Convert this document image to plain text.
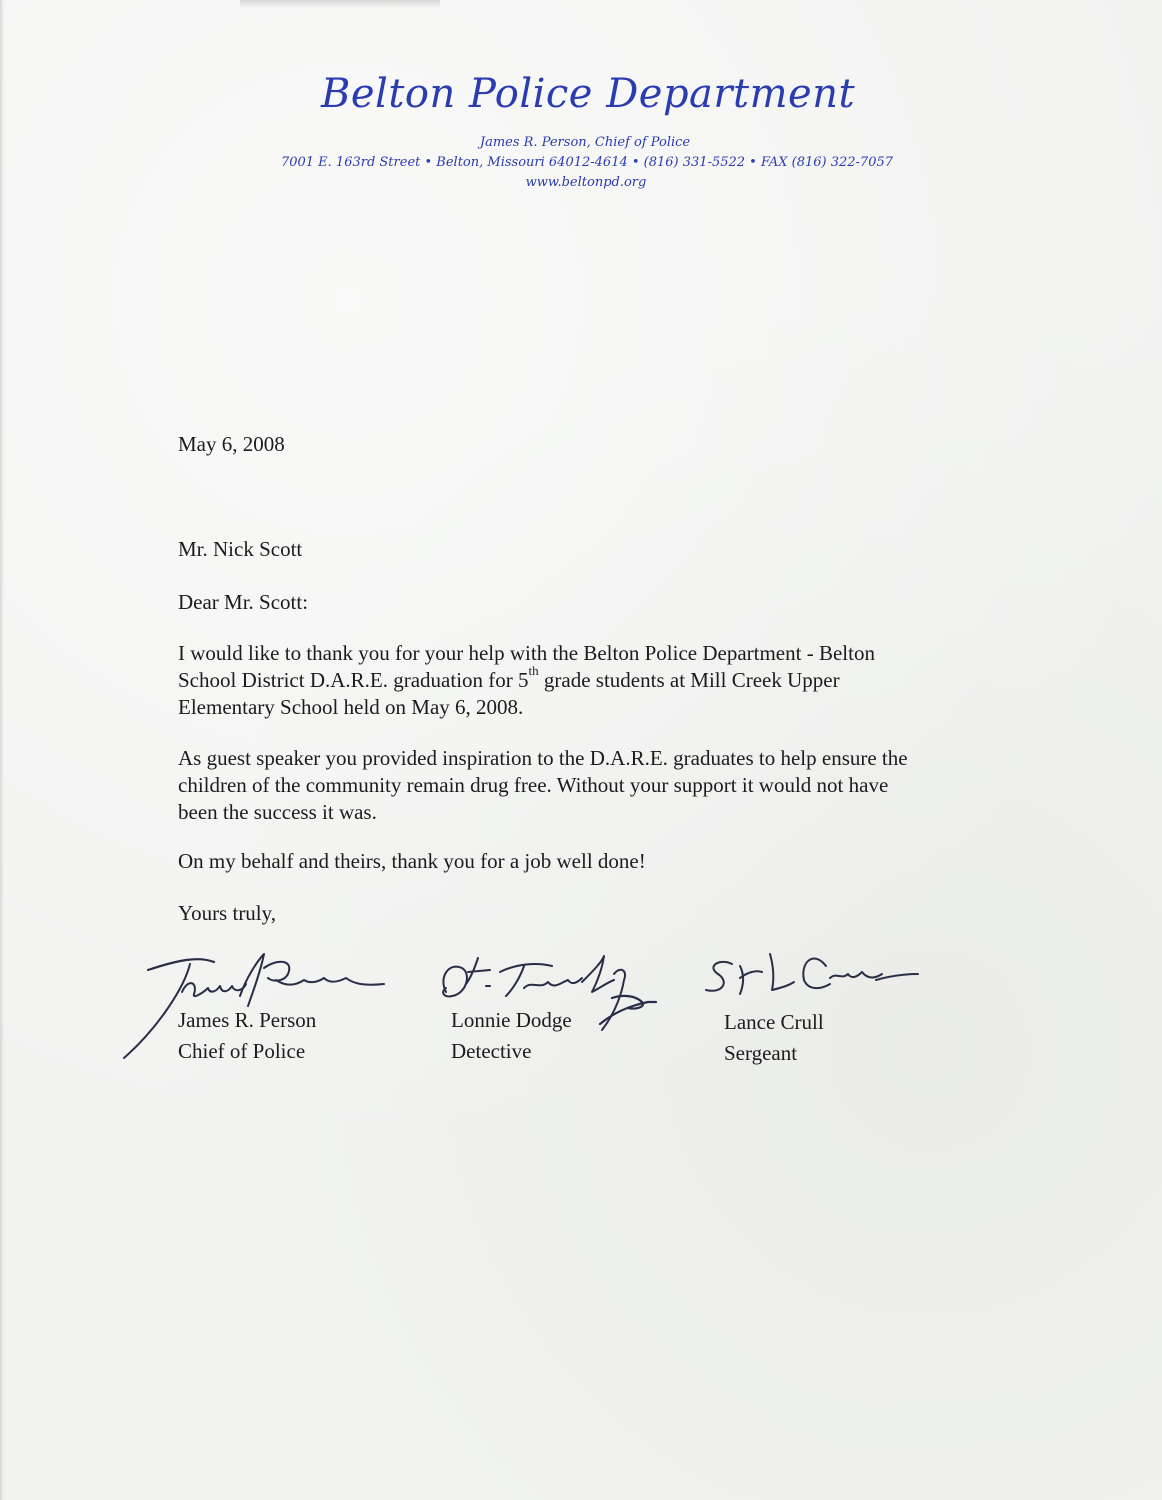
Belton Police Department
James R. Person, Chief of Police
7001 E. 163rd Street • Belton, Missouri 64012-4614 • (816) 331-5522 • FAX (816) 322-7057
www.beltonpd.org
May 6, 2008
Mr. Nick Scott
Dear Mr. Scott:
I would like to thank you for your help with the Belton Police Department - Belton
School District D.A.R.E. graduation for 5th grade students at Mill Creek Upper
Elementary School held on May 6, 2008.
As guest speaker you provided inspiration to the D.A.R.E. graduates to help ensure the
children of the community remain drug free. Without your support it would not have
been the success it was.
On my behalf and theirs, thank you for a job well done!
Yours truly,
James R. Person
Chief of Police
Lonnie Dodge
Detective
Lance Crull
Sergeant
